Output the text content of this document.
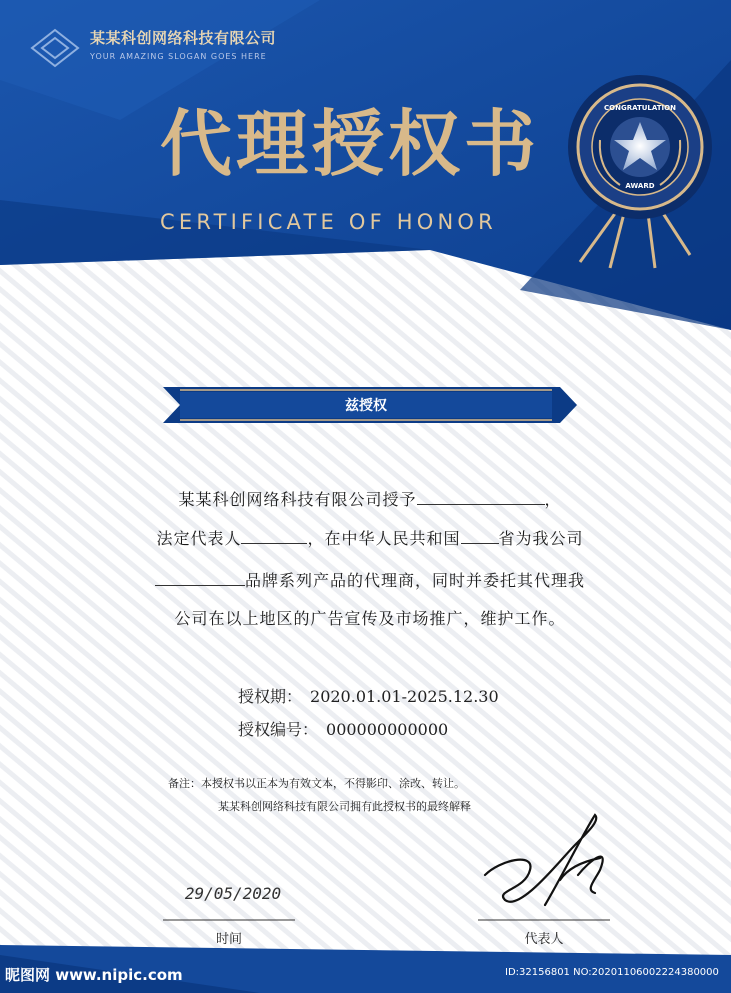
某某科创网络科技有限公司
YOUR AMAZING SLOGAN GOES HERE
代理授权书
CERTIFICATE OF HONOR
CONGRATULATION
AWARD
兹授权
某某科创网络科技有限公司授予	，
法定代表人	，在中华人民共和国 省为我公司
品牌系列产品的代理商，同时并委托其代理我
公司在以上地区的广告宣传及市场推广，维护工作。
授权期： 2020.01.01-2025.12.30
授权编号： 000000000000
备注：本授权书以正本为有效文本，不得影印、涂改、转让。
某某科创网络科技有限公司拥有此授权书的最终解释
29/05/2020
时间	代表人
昵图网 www.nipic.com	ID:32156801 NO:20201106002224380000
